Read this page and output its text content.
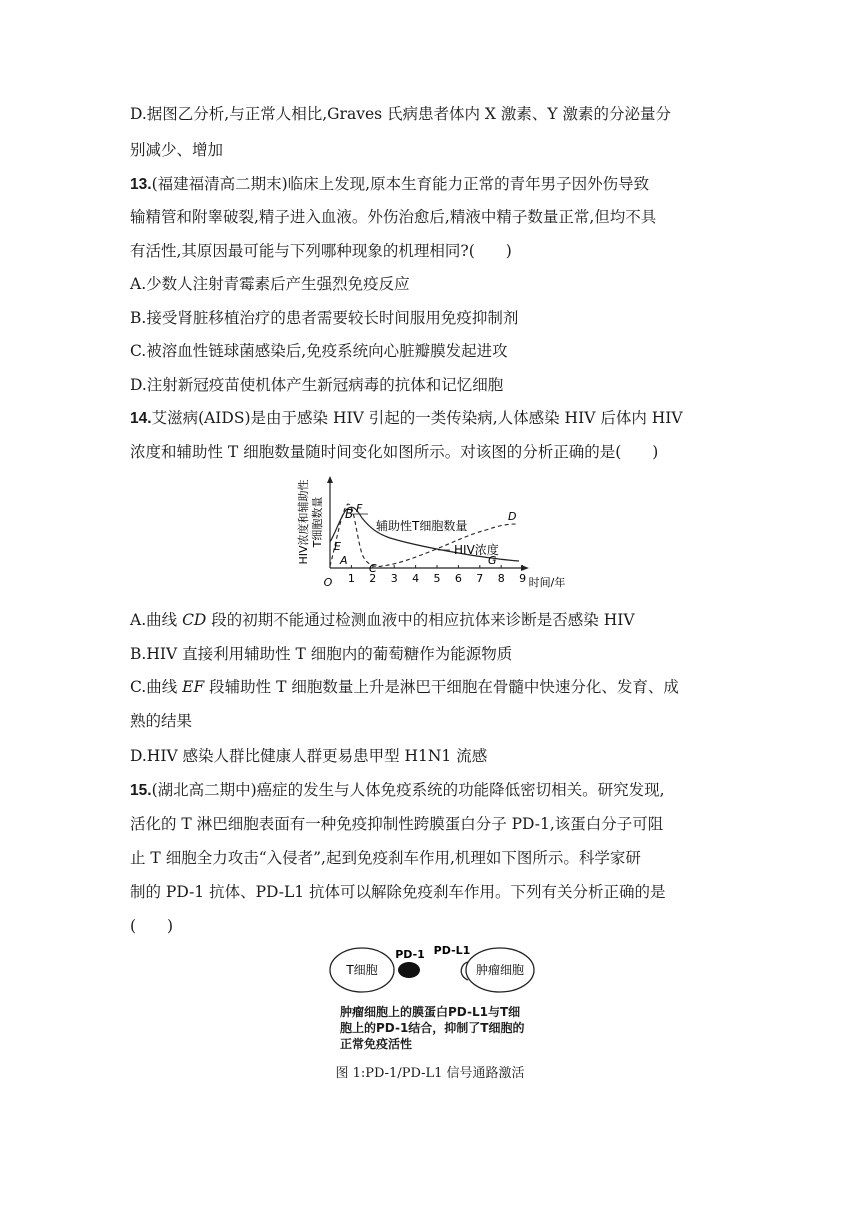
D.据图乙分析,与正常人相比,Graves 氏病患者体内 X 激素、Y 激素的分泌量分
别减少、增加
13.(福建福清高二期末)临床上发现,原本生育能力正常的青年男子因外伤导致
输精管和附睾破裂,精子进入血液。外伤治愈后,精液中精子数量正常,但均不具
有活性,其原因最可能与下列哪种现象的机理相同?(　　)
A.少数人注射青霉素后产生强烈免疫反应
B.接受肾脏移植治疗的患者需要较长时间服用免疫抑制剂
C.被溶血性链球菌感染后,免疫系统向心脏瓣膜发起进攻
D.注射新冠疫苗使机体产生新冠病毒的抗体和记忆细胞
14.艾滋病(AIDS)是由于感染 HIV 引起的一类传染病,人体感染 HIV 后体内 HIV
浓度和辅助性 T 细胞数量随时间变化如图所示。对该图的分析正确的是(　　)
HIV浓度和辅助性 T细胞数量
1 2 3 4 5 6 7 8 9
O	时间/年
辅助性T细胞数量
HIV浓度
A
B
C
D
E
F
G
A.曲线 CD 段的初期不能通过检测血液中的相应抗体来诊断是否感染 HIV
B.HIV 直接利用辅助性 T 细胞内的葡萄糖作为能源物质
C.曲线 EF 段辅助性 T 细胞数量上升是淋巴干细胞在骨髓中快速分化、发育、成
熟的结果
D.HIV 感染人群比健康人群更易患甲型 H1N1 流感
15.(湖北高二期中)癌症的发生与人体免疫系统的功能降低密切相关。研究发现,
活化的 T 淋巴细胞表面有一种免疫抑制性跨膜蛋白分子 PD-1,该蛋白分子可阻
止 T 细胞全力攻击“入侵者”,起到免疫刹车作用,机理如下图所示。科学家研
制的 PD-1 抗体、PD-L1 抗体可以解除免疫刹车作用。下列有关分析正确的是
(　　)
T细胞
PD-1 PD-L1
肿瘤细胞
肿瘤细胞上的膜蛋白PD-L1与T细
胞上的PD-1结合，抑制了T细胞的
正常免疫活性
图 1:PD-1/PD-L1 信号通路激活
